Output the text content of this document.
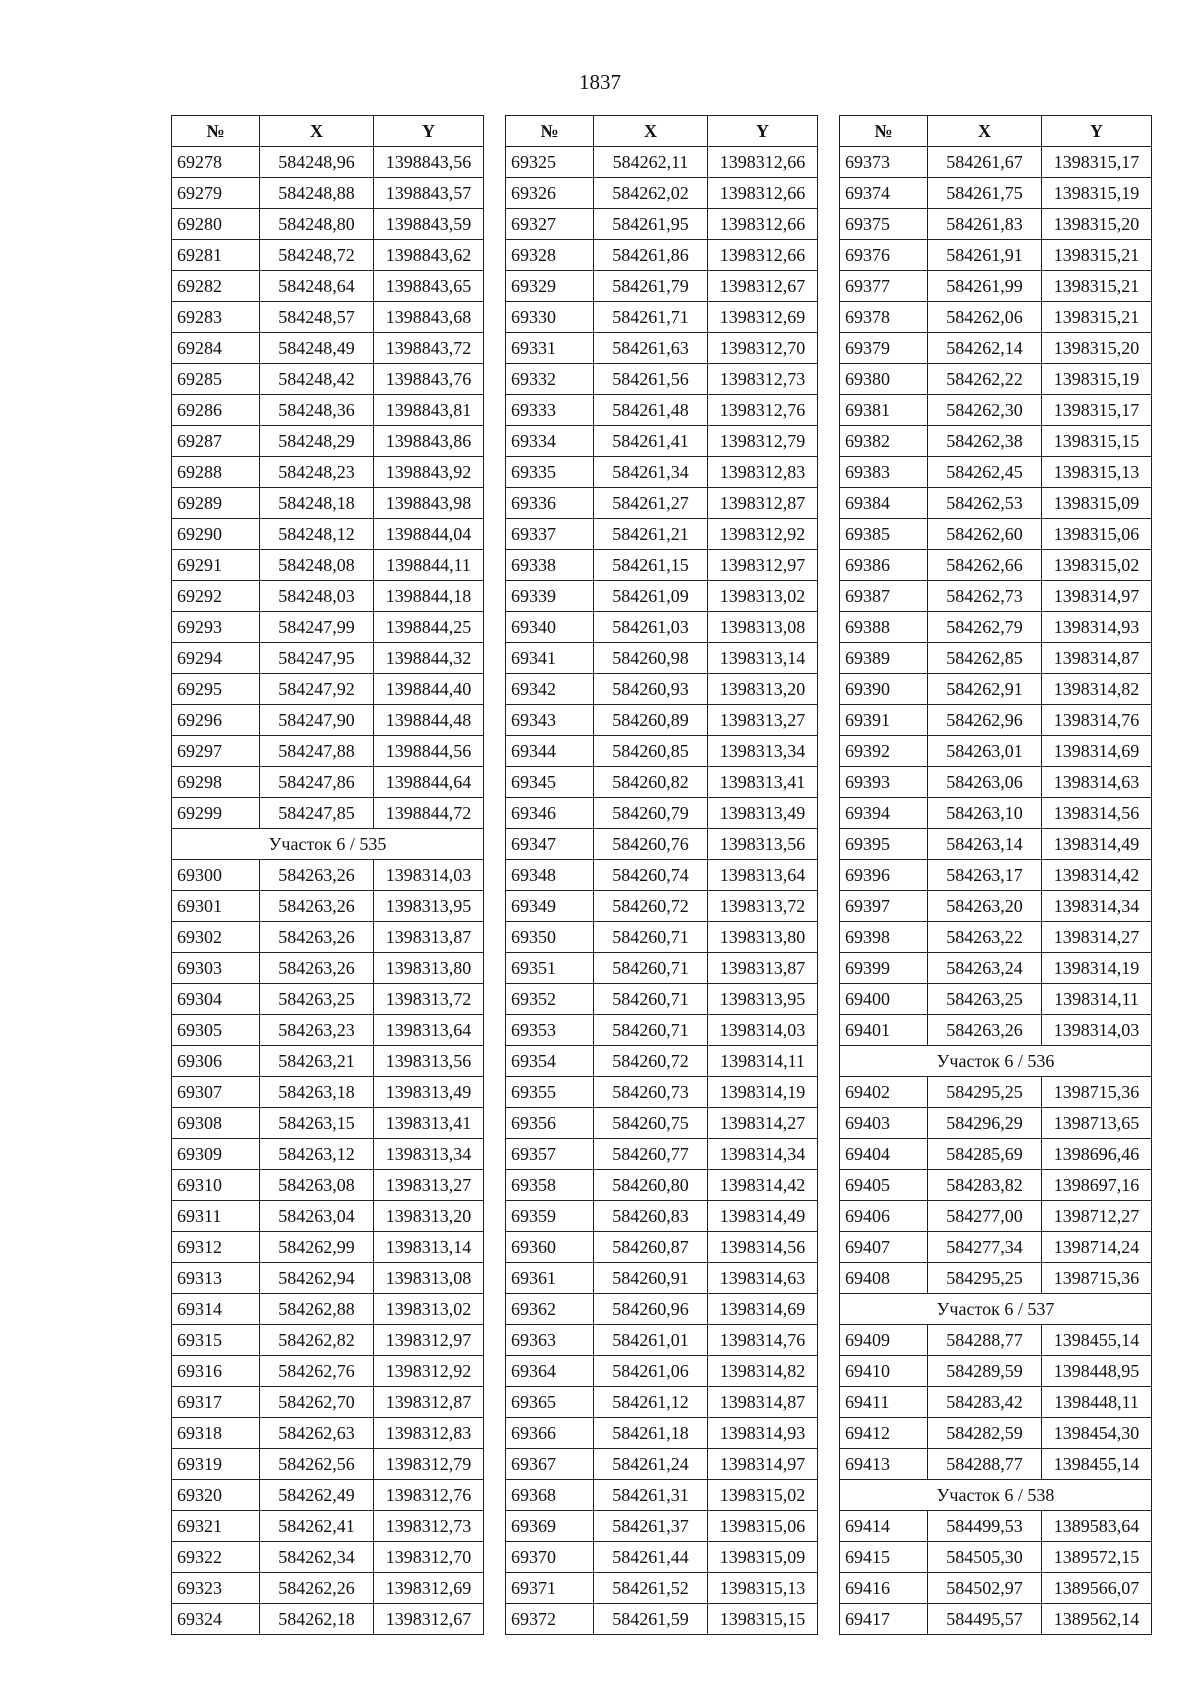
1837
№	X	Y
69278	584248,96	1398843,56
69279	584248,88	1398843,57
69280	584248,80	1398843,59
69281	584248,72	1398843,62
69282	584248,64	1398843,65
69283	584248,57	1398843,68
69284	584248,49	1398843,72
69285	584248,42	1398843,76
69286	584248,36	1398843,81
69287	584248,29	1398843,86
69288	584248,23	1398843,92
69289	584248,18	1398843,98
69290	584248,12	1398844,04
69291	584248,08	1398844,11
69292	584248,03	1398844,18
69293	584247,99	1398844,25
69294	584247,95	1398844,32
69295	584247,92	1398844,40
69296	584247,90	1398844,48
69297	584247,88	1398844,56
69298	584247,86	1398844,64
69299	584247,85	1398844,72
Участок 6 / 535		
69300	584263,26	1398314,03
69301	584263,26	1398313,95
69302	584263,26	1398313,87
69303	584263,26	1398313,80
69304	584263,25	1398313,72
69305	584263,23	1398313,64
69306	584263,21	1398313,56
69307	584263,18	1398313,49
69308	584263,15	1398313,41
69309	584263,12	1398313,34
69310	584263,08	1398313,27
69311	584263,04	1398313,20
69312	584262,99	1398313,14
69313	584262,94	1398313,08
69314	584262,88	1398313,02
69315	584262,82	1398312,97
69316	584262,76	1398312,92
69317	584262,70	1398312,87
69318	584262,63	1398312,83
69319	584262,56	1398312,79
69320	584262,49	1398312,76
69321	584262,41	1398312,73
69322	584262,34	1398312,70
69323	584262,26	1398312,69
69324	584262,18	1398312,67
№	X	Y
69325	584262,11	1398312,66
69326	584262,02	1398312,66
69327	584261,95	1398312,66
69328	584261,86	1398312,66
69329	584261,79	1398312,67
69330	584261,71	1398312,69
69331	584261,63	1398312,70
69332	584261,56	1398312,73
69333	584261,48	1398312,76
69334	584261,41	1398312,79
69335	584261,34	1398312,83
69336	584261,27	1398312,87
69337	584261,21	1398312,92
69338	584261,15	1398312,97
69339	584261,09	1398313,02
69340	584261,03	1398313,08
69341	584260,98	1398313,14
69342	584260,93	1398313,20
69343	584260,89	1398313,27
69344	584260,85	1398313,34
69345	584260,82	1398313,41
69346	584260,79	1398313,49
69347	584260,76	1398313,56
69348	584260,74	1398313,64
69349	584260,72	1398313,72
69350	584260,71	1398313,80
69351	584260,71	1398313,87
69352	584260,71	1398313,95
69353	584260,71	1398314,03
69354	584260,72	1398314,11
69355	584260,73	1398314,19
69356	584260,75	1398314,27
69357	584260,77	1398314,34
69358	584260,80	1398314,42
69359	584260,83	1398314,49
69360	584260,87	1398314,56
69361	584260,91	1398314,63
69362	584260,96	1398314,69
69363	584261,01	1398314,76
69364	584261,06	1398314,82
69365	584261,12	1398314,87
69366	584261,18	1398314,93
69367	584261,24	1398314,97
69368	584261,31	1398315,02
69369	584261,37	1398315,06
69370	584261,44	1398315,09
69371	584261,52	1398315,13
69372	584261,59	1398315,15
№	X	Y
69373	584261,67	1398315,17
69374	584261,75	1398315,19
69375	584261,83	1398315,20
69376	584261,91	1398315,21
69377	584261,99	1398315,21
69378	584262,06	1398315,21
69379	584262,14	1398315,20
69380	584262,22	1398315,19
69381	584262,30	1398315,17
69382	584262,38	1398315,15
69383	584262,45	1398315,13
69384	584262,53	1398315,09
69385	584262,60	1398315,06
69386	584262,66	1398315,02
69387	584262,73	1398314,97
69388	584262,79	1398314,93
69389	584262,85	1398314,87
69390	584262,91	1398314,82
69391	584262,96	1398314,76
69392	584263,01	1398314,69
69393	584263,06	1398314,63
69394	584263,10	1398314,56
69395	584263,14	1398314,49
69396	584263,17	1398314,42
69397	584263,20	1398314,34
69398	584263,22	1398314,27
69399	584263,24	1398314,19
69400	584263,25	1398314,11
69401	584263,26	1398314,03
Участок 6 / 536		
69402	584295,25	1398715,36
69403	584296,29	1398713,65
69404	584285,69	1398696,46
69405	584283,82	1398697,16
69406	584277,00	1398712,27
69407	584277,34	1398714,24
69408	584295,25	1398715,36
Участок 6 / 537		
69409	584288,77	1398455,14
69410	584289,59	1398448,95
69411	584283,42	1398448,11
69412	584282,59	1398454,30
69413	584288,77	1398455,14
Участок 6 / 538		
69414	584499,53	1389583,64
69415	584505,30	1389572,15
69416	584502,97	1389566,07
69417	584495,57	1389562,14
